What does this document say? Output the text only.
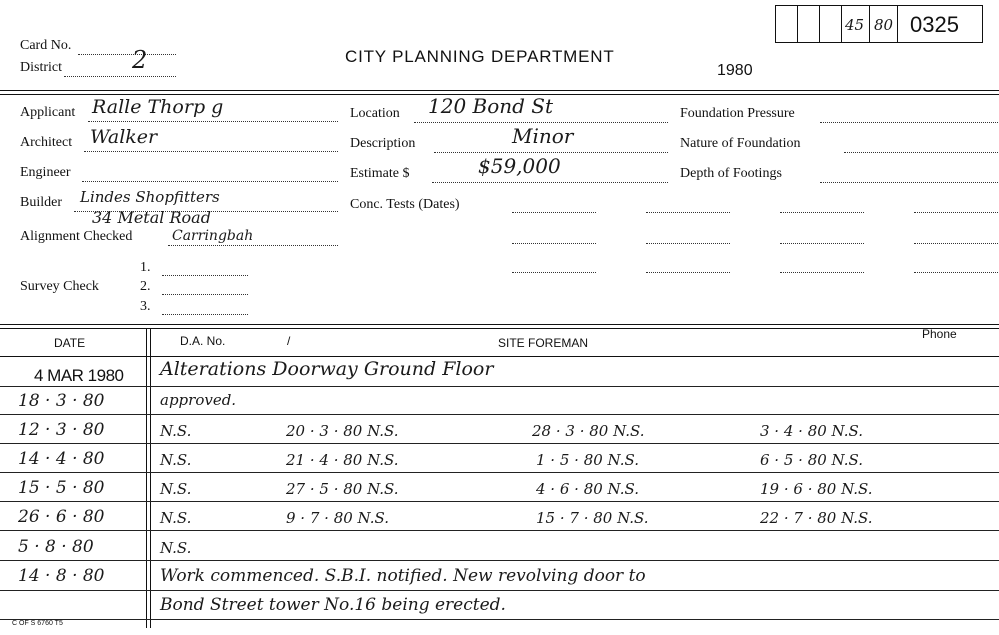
45 80 0325
Card No.
District	2	CITY PLANNING DEPARTMENT
1980
Applicant Ralle Thorp g
Architect Walker
Engineer
Builder Lindes Shopfitters
34 Metal Road
Alignment Checked	Carringbah
Survey Check
1.
2.
3.
Location 120 Bond St
Description	Minor
Estimate $	$59,000
Conc. Tests (Dates)
Foundation Pressure
Nature of Foundation
Depth of Footings
DATE	D.A. No.	/	SITE FOREMAN
Phone
4 MAR 1980 Alterations Doorway Ground Floor
18 · 3 · 80	approved.
12 · 3 · 80	N.S.	20 · 3 · 80 N.S.	28 · 3 · 80 N.S.	3 · 4 · 80 N.S.
14 · 4 · 80	N.S.	21 · 4 · 80 N.S.	1 · 5 · 80 N.S.	6 · 5 · 80 N.S.
15 · 5 · 80	N.S.	27 · 5 · 80 N.S.	4 · 6 · 80 N.S.	19 · 6 · 80 N.S.
26 · 6 · 80	N.S.	9 · 7 · 80 N.S.	15 · 7 · 80 N.S.	22 · 7 · 80 N.S.
5 · 8 · 80	N.S.
14 · 8 · 80	Work commenced. S.B.I. notified. New revolving door to
Bond Street tower No.16 being erected.
C OF S 6760 T5
